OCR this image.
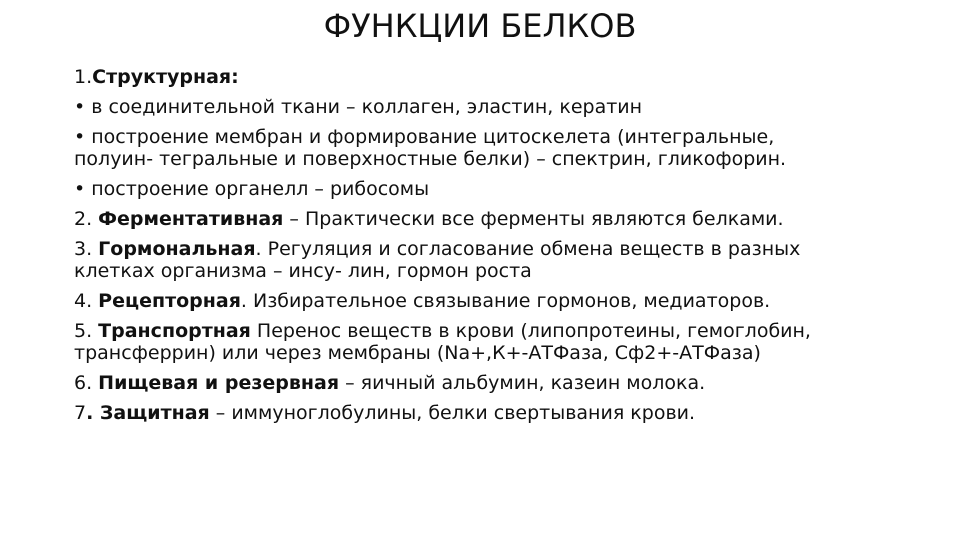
ФУНКЦИИ БЕЛКОВ
1.Структурная:
• в соединительной ткани – коллаген, эластин, кератин
• построение мембран и формирование цитоскелета (интегральные,
полуин- тегральные и поверхностные белки) – спектрин, гликофорин.
• построение органелл – рибосомы
2. Ферментативная – Практически все ферменты являются белками.
3. Гормональная. Регуляция и согласование обмена веществ в разных
клетках организма – инсу- лин, гормон роста
4. Рецепторная. Избирательное связывание гормонов, медиаторов.
5. Транспортная Перенос веществ в крови (липопротеины, гемоглобин,
трансферрин) или через мембраны (Na+,К+-АТФаза, Сф2+-АТФаза)
6. Пищевая и резервная – яичный альбумин, казеин молока.
7. Защитная – иммуноглобулины, белки свертывания крови.
